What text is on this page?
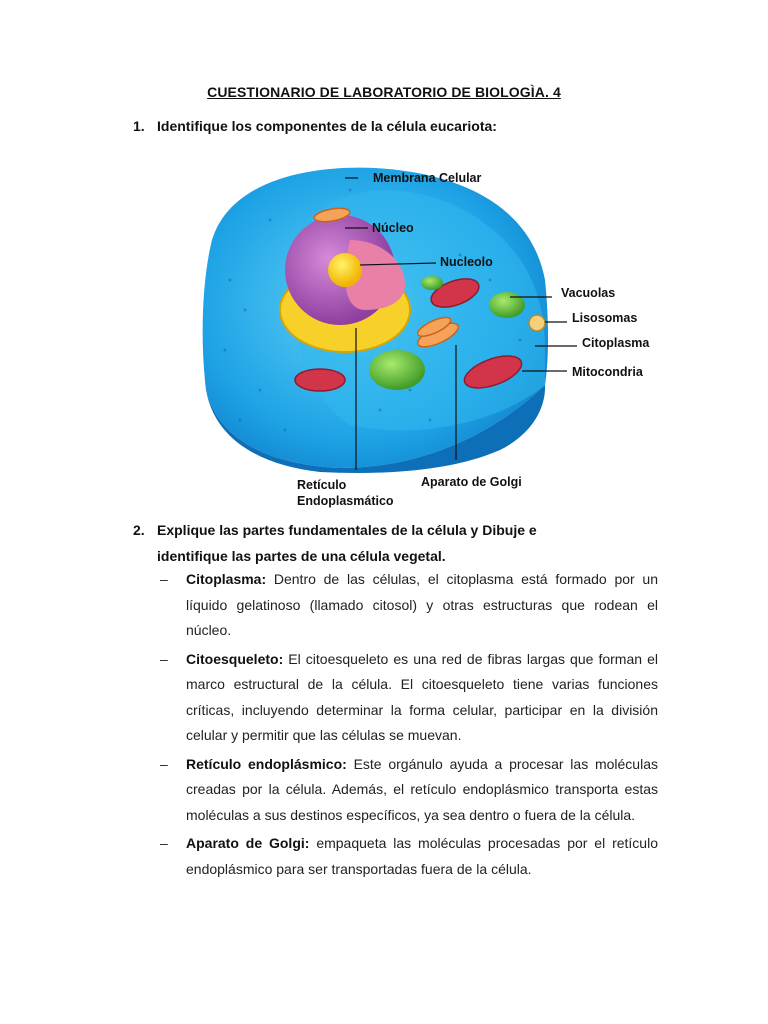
CUESTIONARIO DE LABORATORIO DE BIOLOGÌA. 4
1. Identifique los componentes de la célula eucariota:
Membrana Celular
Núcleo
Nucleolo
Vacuolas
Lisosomas
Citoplasma
Mitocondria
Retículo
Endoplasmático
Aparato de Golgi
2. Explique las partes fundamentales de la célula y Dibuje e
identifique las partes de una célula vegetal.
– Citoplasma: Dentro de las células, el citoplasma está formado por un líquido gelatinoso (llamado citosol) y otras estructuras que rodean el núcleo.
– Citoesqueleto: El citoesqueleto es una red de fibras largas que forman el marco estructural de la célula. El citoesqueleto tiene varias funciones críticas, incluyendo determinar la forma celular, participar en la división celular y permitir que las células se muevan.
– Retículo endoplásmico: Este orgánulo ayuda a procesar las moléculas creadas por la célula. Además, el retículo endoplásmico transporta estas moléculas a sus destinos específicos, ya sea dentro o fuera de la célula.
– Aparato de Golgi: empaqueta las moléculas procesadas por el retículo endoplásmico para ser transportadas fuera de la célula.
